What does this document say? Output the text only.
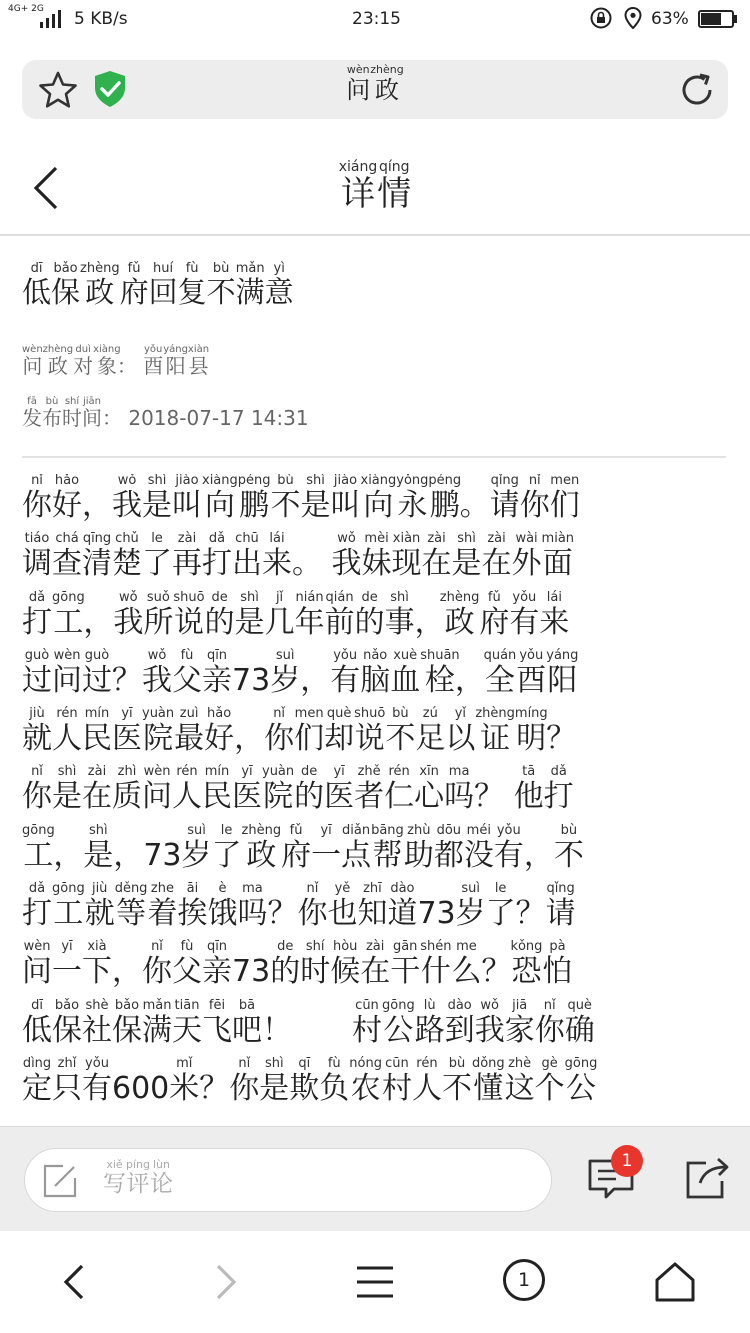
4G+ 2G 5 KB/s	23:15	63%
问wèn政zhèng
详xiáng情qíng
低dī保bǎo政zhèng府fǔ回huí复fù不bù满mǎn意yì
问wèn政zhèng对duì象xiàng： 酉yǒu阳yáng县xiàn
发fā布bù时shí间jiān： 2018-07-17 14:31
你nǐ好hǎo，我wǒ是shì叫jiào向xiàng鹏péng不bù是shì叫jiào向xiàng永yǒng鹏péng。请qǐng你nǐ们men
调tiáo查chá清qīng楚chǔ了le再zài打dǎ出chū来lái。 我wǒ妹mèi现xiàn在zài是shì在zài外wài面miàn
打dǎ工gōng，我wǒ所suǒ说shuō的de是shì几jǐ年nián前qián的de事shì，政zhèng府fǔ有yǒu来lái
过guò问wèn过guò？我wǒ父fù亲qīn73岁suì，有yǒu脑nǎo血xuè栓shuān，全quán酉yǒu阳yáng
就jiù人rén民mín医yī院yuàn最zuì好hǎo，你nǐ们men却què说shuō不bù足zú以yǐ证zhèng明míng？
你nǐ是shì在zài质zhì问wèn人rén民mín医yī院yuàn的de医yī者zhě仁rén心xīn吗ma？ 他tā打dǎ
工gōng，是shì，73岁suì了le政zhèng府fǔ一yī点diǎn帮bāng助zhù都dōu没méi有yǒu，不bù
打dǎ工gōng就jiù等děng着zhe挨āi饿è吗ma？你nǐ也yě知zhī道dào73岁suì了le？请qǐng
问wèn一yī下xià，你nǐ父fù亲qīn73的de时shí候hòu在zài干gān什shén么me？恐kǒng怕pà
低dī保bǎo社shè保bǎo满mǎn天tiān飞fēi吧bā！　　 村cūn公gōng路lù到dào我wǒ家jiā你nǐ确què
定dìng只zhǐ有yǒu600米mǐ？你nǐ是shì欺qī负fù农nóng村cūn人rén不bù懂dǒng这zhè个gè公gōng
写xiě评píng论lùn	1
1
